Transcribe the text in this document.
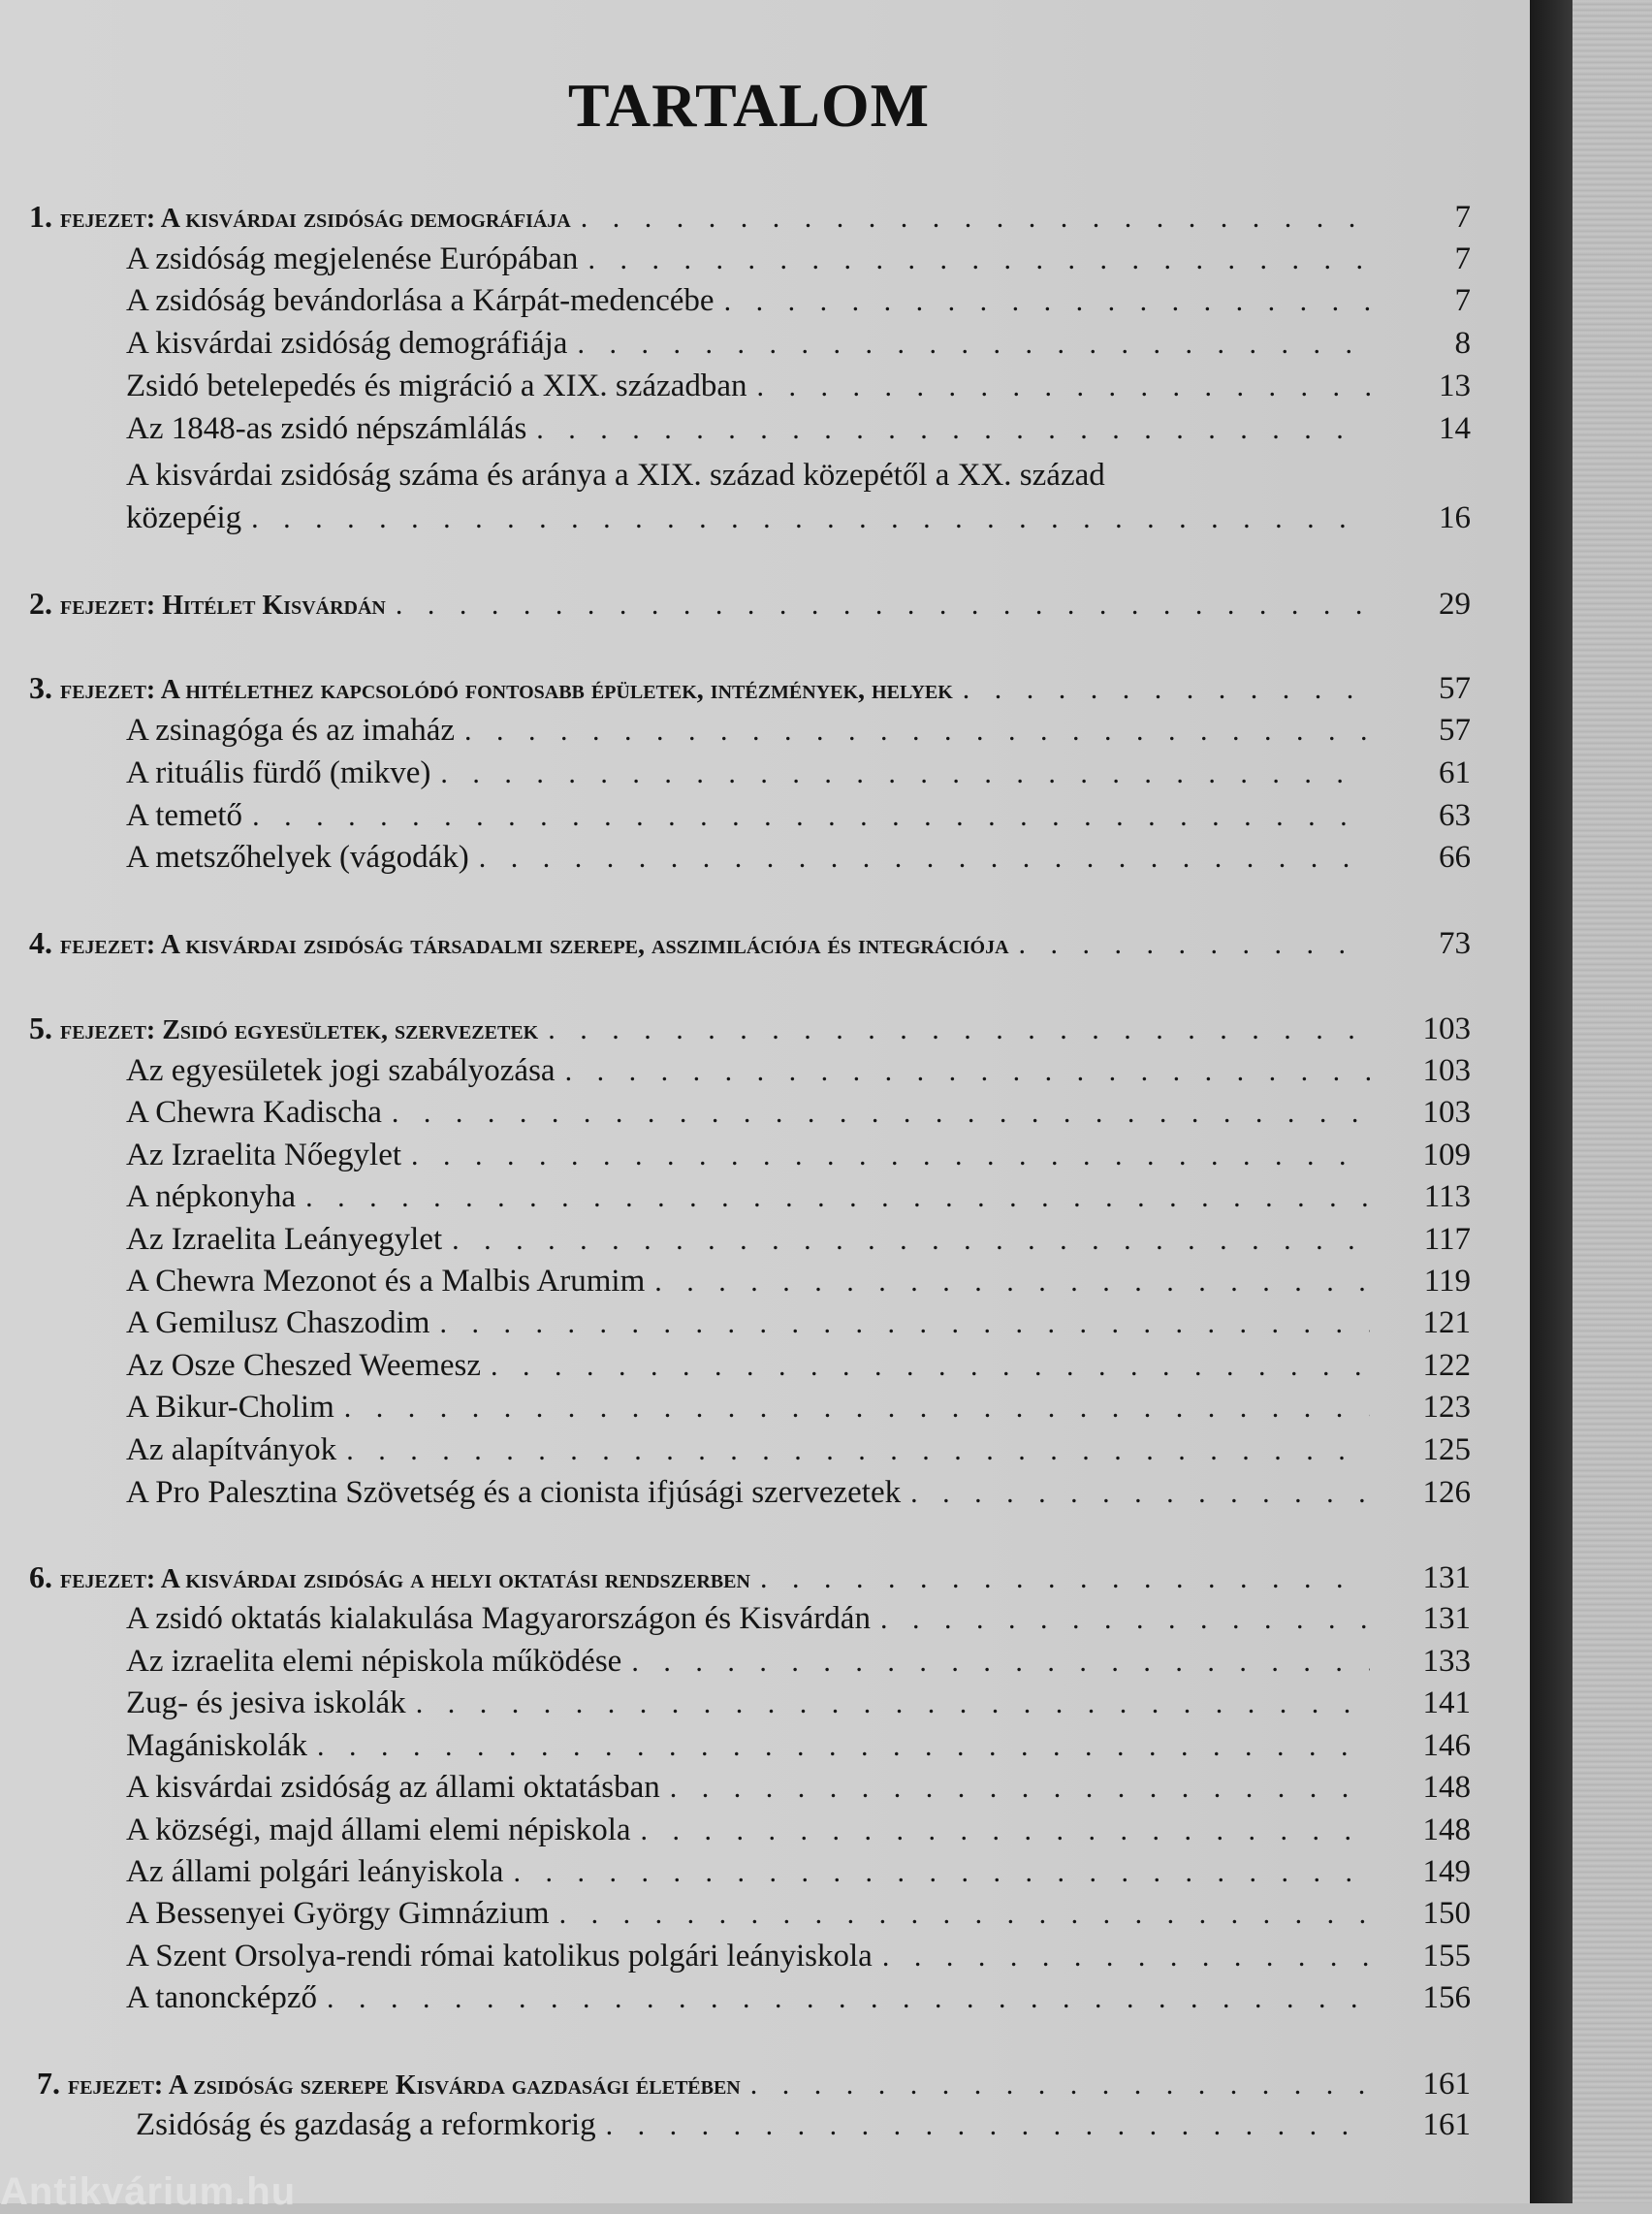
TARTALOM
1. fejezet: A kisvárdai zsidóság demográfiája . . .	7
A zsidóság megjelenése Európában . . .	7
A zsidóság bevándorlása a Kárpát-medencébe . . .	7
A kisvárdai zsidóság demográfiája . . .	8
Zsidó betelepedés és migráció a XIX. században . . .	13
Az 1848-as zsidó népszámlálás . . .	14
A kisvárdai zsidóság száma és aránya a XIX. század közepétől a XX. század
közepéig . . .	16
2. fejezet: Hitélet Kisvárdán . . .	29
3. fejezet: A hitélethez kapcsolódó fontosabb épületek, intézmények, helyek . . .	57
A zsinagóga és az imaház . . .	57
A rituális fürdő (mikve) . . .	61
A temető . . .	63
A metszőhelyek (vágodák) . . .	66
4. fejezet: A kisvárdai zsidóság társadalmi szerepe, asszimilációja és integrációja . . .	73
5. fejezet: Zsidó egyesületek, szervezetek . . .	103
Az egyesületek jogi szabályozása . . .	103
A Chewra Kadischa . . .	103
Az Izraelita Nőegylet . . .	109
A népkonyha . . .	113
Az Izraelita Leányegylet . . .	117
A Chewra Mezonot és a Malbis Arumim . . .	119
A Gemilusz Chaszodim . . .	121
Az Osze Cheszed Weemesz . . .	122
A Bikur-Cholim . . .	123
Az alapítványok . . .	125
A Pro Palesztina Szövetség és a cionista ifjúsági szervezetek . . .	126
6. fejezet: A kisvárdai zsidóság a helyi oktatási rendszerben . . .	131
A zsidó oktatás kialakulása Magyarországon és Kisvárdán . . .	131
Az izraelita elemi népiskola működése . . .	133
Zug- és jesiva iskolák . . .	141
Magániskolák . . .	146
A kisvárdai zsidóság az állami oktatásban . . .	148
A községi, majd állami elemi népiskola . . .	148
Az állami polgári leányiskola . . .	149
A Bessenyei György Gimnázium . . .	150
A Szent Orsolya-rendi római katolikus polgári leányiskola . . .	155
A tanoncképző . . .	156
7. fejezet: A zsidóság szerepe Kisvárda gazdasági életében . . .	161
Zsidóság és gazdaság a reformkorig . . .	161
Antikvárium.hu
